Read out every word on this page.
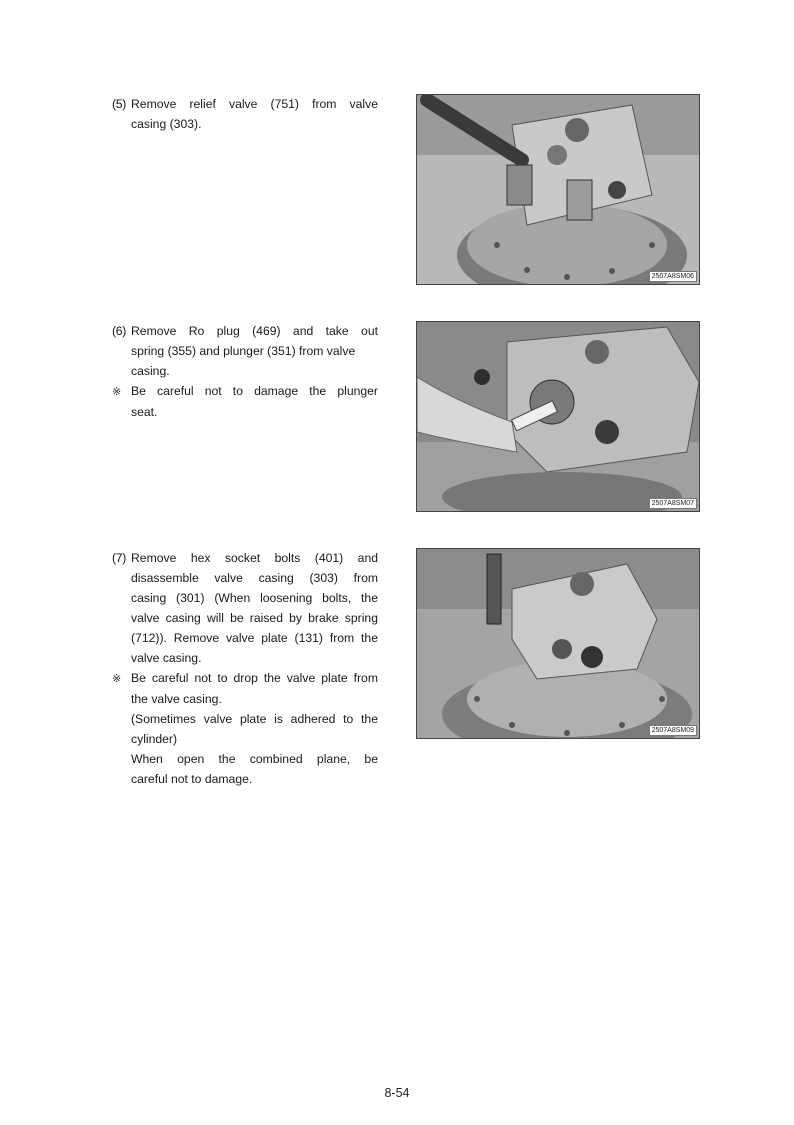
(5) Remove relief valve (751) from valve
casing (303).
2507A8SM06
(6) Remove Ro plug (469) and take out
spring (355) and plunger (351) from valve
casing.
※ Be careful not to damage the plunger
seat.
2507A8SM07
(7) Remove hex socket bolts (401) and
disassemble valve casing (303) from
casing (301) (When loosening bolts, the
valve casing will be raised by brake spring
(712)). Remove valve plate (131) from the
valve casing.
※ Be careful not to drop the valve plate from
the valve casing.
(Sometimes valve plate is adhered to the
cylinder)
When open the combined plane, be
careful not to damage.
2507A8SM09
8-54
